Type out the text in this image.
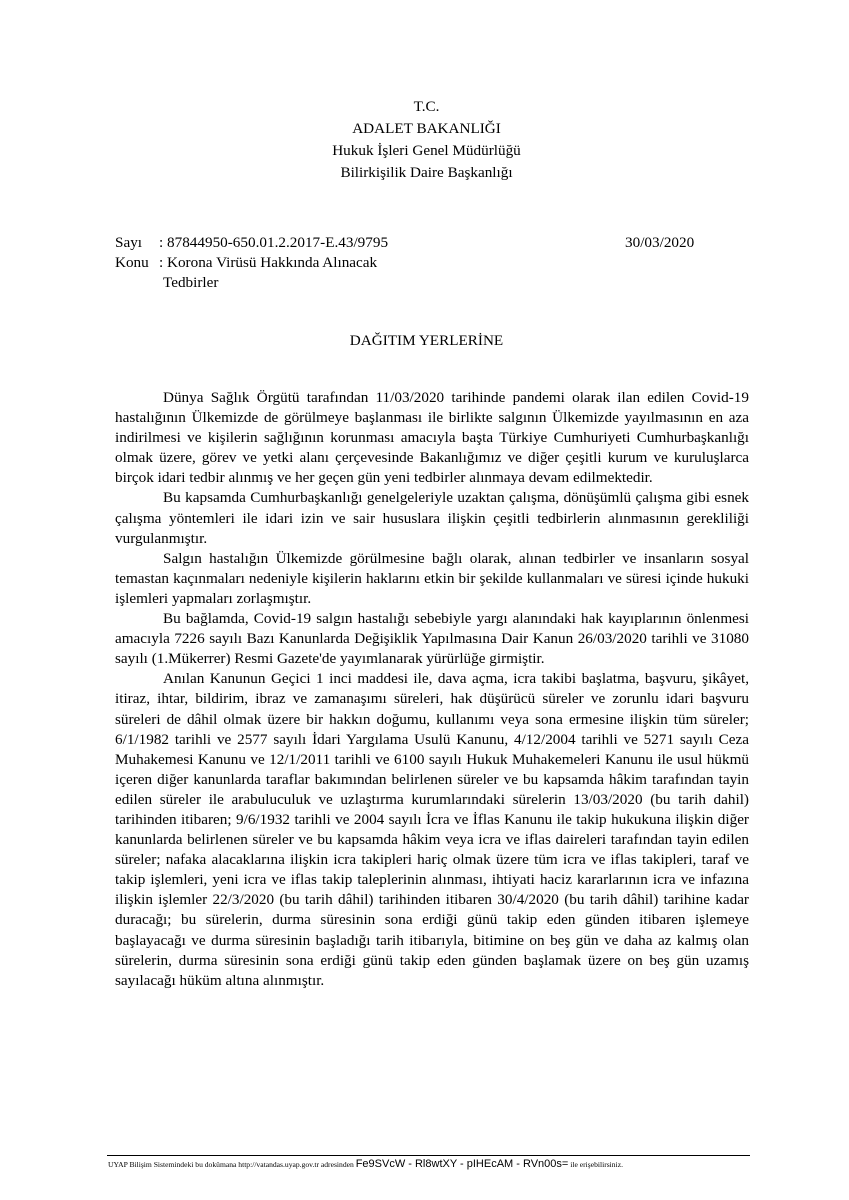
T.C.
ADALET BAKANLIĞI
Hukuk İşleri Genel Müdürlüğü
Bilirkişilik Daire Başkanlığı
Sayı	: 87844950-650.01.2.2017-E.43/9795	30/03/2020
Konu : Korona Virüsü Hakkında Alınacak
Tedbirler
DAĞITIM YERLERİNE

Dünya Sağlık Örgütü tarafından 11/03/2020 tarihinde pandemi olarak ilan edilen Covid-19 hastalığının Ülkemizde de görülmeye başlanması ile birlikte salgının Ülkemizde yayılmasının en aza indirilmesi ve kişilerin sağlığının korunması amacıyla başta Türkiye Cumhuriyeti Cumhurbaşkanlığı olmak üzere, görev ve yetki alanı çerçevesinde Bakanlığımız ve diğer çeşitli kurum ve kuruluşlarca birçok idari tedbir alınmış ve her geçen gün yeni tedbirler alınmaya devam edilmektedir.

Bu kapsamda Cumhurbaşkanlığı genelgeleriyle uzaktan çalışma, dönüşümlü çalışma gibi esnek çalışma yöntemleri ile idari izin ve sair hususlara ilişkin çeşitli tedbirlerin alınmasının gerekliliği vurgulanmıştır.

Salgın hastalığın Ülkemizde görülmesine bağlı olarak, alınan tedbirler ve insanların sosyal temastan kaçınmaları nedeniyle kişilerin haklarını etkin bir şekilde kullanmaları ve süresi içinde hukuki işlemleri yapmaları zorlaşmıştır.

Bu bağlamda, Covid-19 salgın hastalığı sebebiyle yargı alanındaki hak kayıplarının önlenmesi amacıyla 7226 sayılı Bazı Kanunlarda Değişiklik Yapılmasına Dair Kanun 26/03/2020 tarihli ve 31080 sayılı (1.Mükerrer) Resmi Gazete'de yayımlanarak yürürlüğe girmiştir.

Anılan Kanunun Geçici 1 inci maddesi ile, dava açma, icra takibi başlatma, başvuru, şikâyet, itiraz, ihtar, bildirim, ibraz ve zamanaşımı süreleri, hak düşürücü süreler ve zorunlu idari başvuru süreleri de dâhil olmak üzere bir hakkın doğumu, kullanımı veya sona ermesine ilişkin tüm süreler; 6/1/1982 tarihli ve 2577 sayılı İdari Yargılama Usulü Kanunu, 4/12/2004 tarihli ve 5271 sayılı Ceza Muhakemesi Kanunu ve 12/1/2011 tarihli ve 6100 sayılı Hukuk Muhakemeleri Kanunu ile usul hükmü içeren diğer kanunlarda taraflar bakımından belirlenen süreler ve bu kapsamda hâkim tarafından tayin edilen süreler ile arabuluculuk ve uzlaştırma kurumlarındaki sürelerin 13/03/2020 (bu tarih dahil) tarihinden itibaren; 9/6/1932 tarihli ve 2004 sayılı İcra ve İflas Kanunu ile takip hukukuna ilişkin diğer kanunlarda belirlenen süreler ve bu kapsamda hâkim veya icra ve iflas daireleri tarafından tayin edilen süreler; nafaka alacaklarına ilişkin icra takipleri hariç olmak üzere tüm icra ve iflas takipleri, taraf ve takip işlemleri, yeni icra ve iflas takip taleplerinin alınması, ihtiyati haciz kararlarının icra ve infazına ilişkin işlemler 22/3/2020 (bu tarih dâhil) tarihinden itibaren 30/4/2020 (bu tarih dâhil) tarihine kadar duracağı; bu sürelerin, durma süresinin sona erdiği günü takip eden günden itibaren işlemeye başlayacağı ve durma süresinin başladığı tarih itibarıyla, bitimine on beş gün ve daha az kalmış olan sürelerin, durma süresinin sona erdiği günü takip eden günden başlamak üzere on beş gün uzamış sayılacağı hüküm altına alınmıştır.

UYAP Bilişim Sistemindeki bu dokümana http://vatandas.uyap.gov.tr adresinden Fe9SVcW - Rl8wtXY - pIHEcAM - RVn00s= ile erişebilirsiniz.
